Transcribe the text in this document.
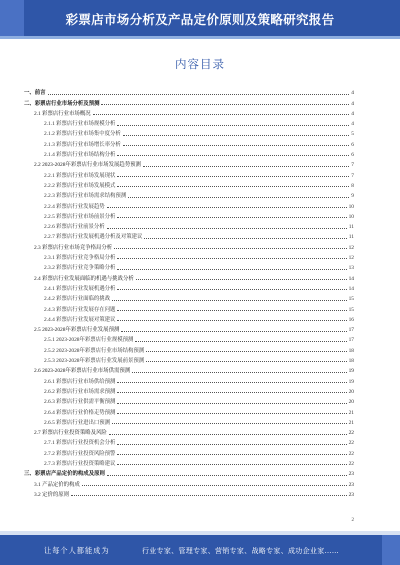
彩票店市场分析及产品定价原则及策略研究报告
内容目录
一、前言	4
二、彩票店行业市场分析及预测	4
2.1 彩票店行业市场概况	4
2.1.1 彩票店行业市场规模分析	4
2.1.2 彩票店行业市场集中度分析	5
2.1.3 彩票店行业市场增长率分析	6
2.1.4 彩票店行业市场结构分析	6
2.2 2023-2028年彩票店行业市场发展趋势预测	7
2.2.1 彩票店行业市场发展现状	7
2.2.2 彩票店行业市场发展模式	8
2.2.3 彩票店行业市场需求结构预测	9
2.2.4 彩票店行业发展趋势	10
2.2.5 彩票店行业市场前景分析	10
2.2.6 彩票店行业前景分析	11
2.2.7 彩票店行业发展机遇分析及对策建议	11
2.3 彩票店行业市场竞争格局分析	12
2.3.1 彩票店行业竞争格局分析	12
2.3.2 彩票店行业竞争策略分析	13
2.4 彩票店行业发展面临的机遇与挑战分析	14
2.4.1 彩票店行业发展机遇分析	14
2.4.2 彩票店行业面临的挑战	15
2.4.3 彩票店行业发展存在问题	15
2.4.4 彩票店行业发展对策建议	16
2.5 2023-2028年彩票店行业发展预测	17
2.5.1 2023-2028年彩票店行业规模预测	17
2.5.2 2023-2028年彩票店行业市场结构预测	18
2.5.3 2023-2028年彩票店行业发展前景预测	18
2.6 2023-2028年彩票店行业市场供需预测	19
2.6.1 彩票店行业市场供给预测	19
2.6.2 彩票店行业市场需求预测	20
2.6.3 彩票店行业供需平衡预测	20
2.6.4 彩票店行业价格走势预测	21
2.6.5 彩票店行业进出口预测	21
2.7 彩票店行业投资策略及风险	22
2.7.1 彩票店行业投资机会分析	22
2.7.2 彩票店行业投资风险预警	22
2.7.3 彩票店行业投资策略建议	22
三、彩票店产品定价的构成及原则	23
3.1 产品定价的构成	23
3.2 定价的原则	23
2
让每个人都能成为	行业专家、管理专家、营销专家、战略专家、成功企业家……
